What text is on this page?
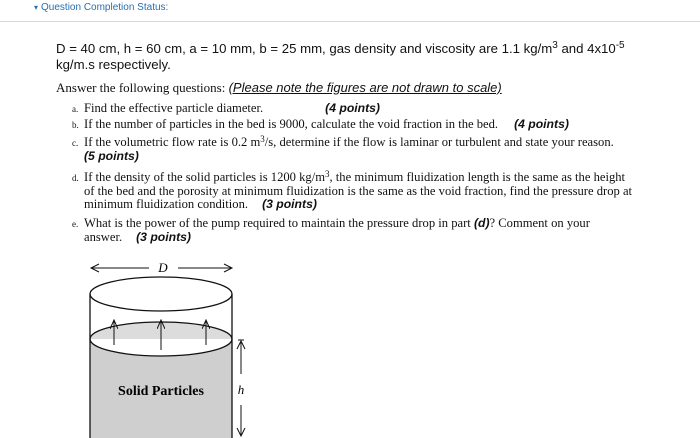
▾ Question Completion Status:
D = 40 cm, h = 60 cm, a = 10 mm, b = 25 mm, gas density and viscosity are 1.1 $kg/m^3$ and $4x10^{-5}$
kg/m.s respectively.
Answer the following questions: (Please note the figures are not drawn to scale)
a. Find the effective particle diameter.	(4 points)
b. If the number of particles in the bed is 9000, calculate the void fraction in the bed. (4 points)
c. If the volumetric flow rate is 0.2 $m^3/s$, determine if the flow is laminar or turbulent and state your reason.
(5 points)
d. If the density of the solid particles is 1200 $kg/m^3$, the minimum fluidization length is the same as the height
of the bed and the porosity at minimum fluidization is the same as the void fraction, find the pressure drop at
minimum fluidization condition. (3 points)
e. What is the power of the pump required to maintain the pressure drop in part (d)? Comment on your
answer. (3 points)
D
h
Solid Particles
